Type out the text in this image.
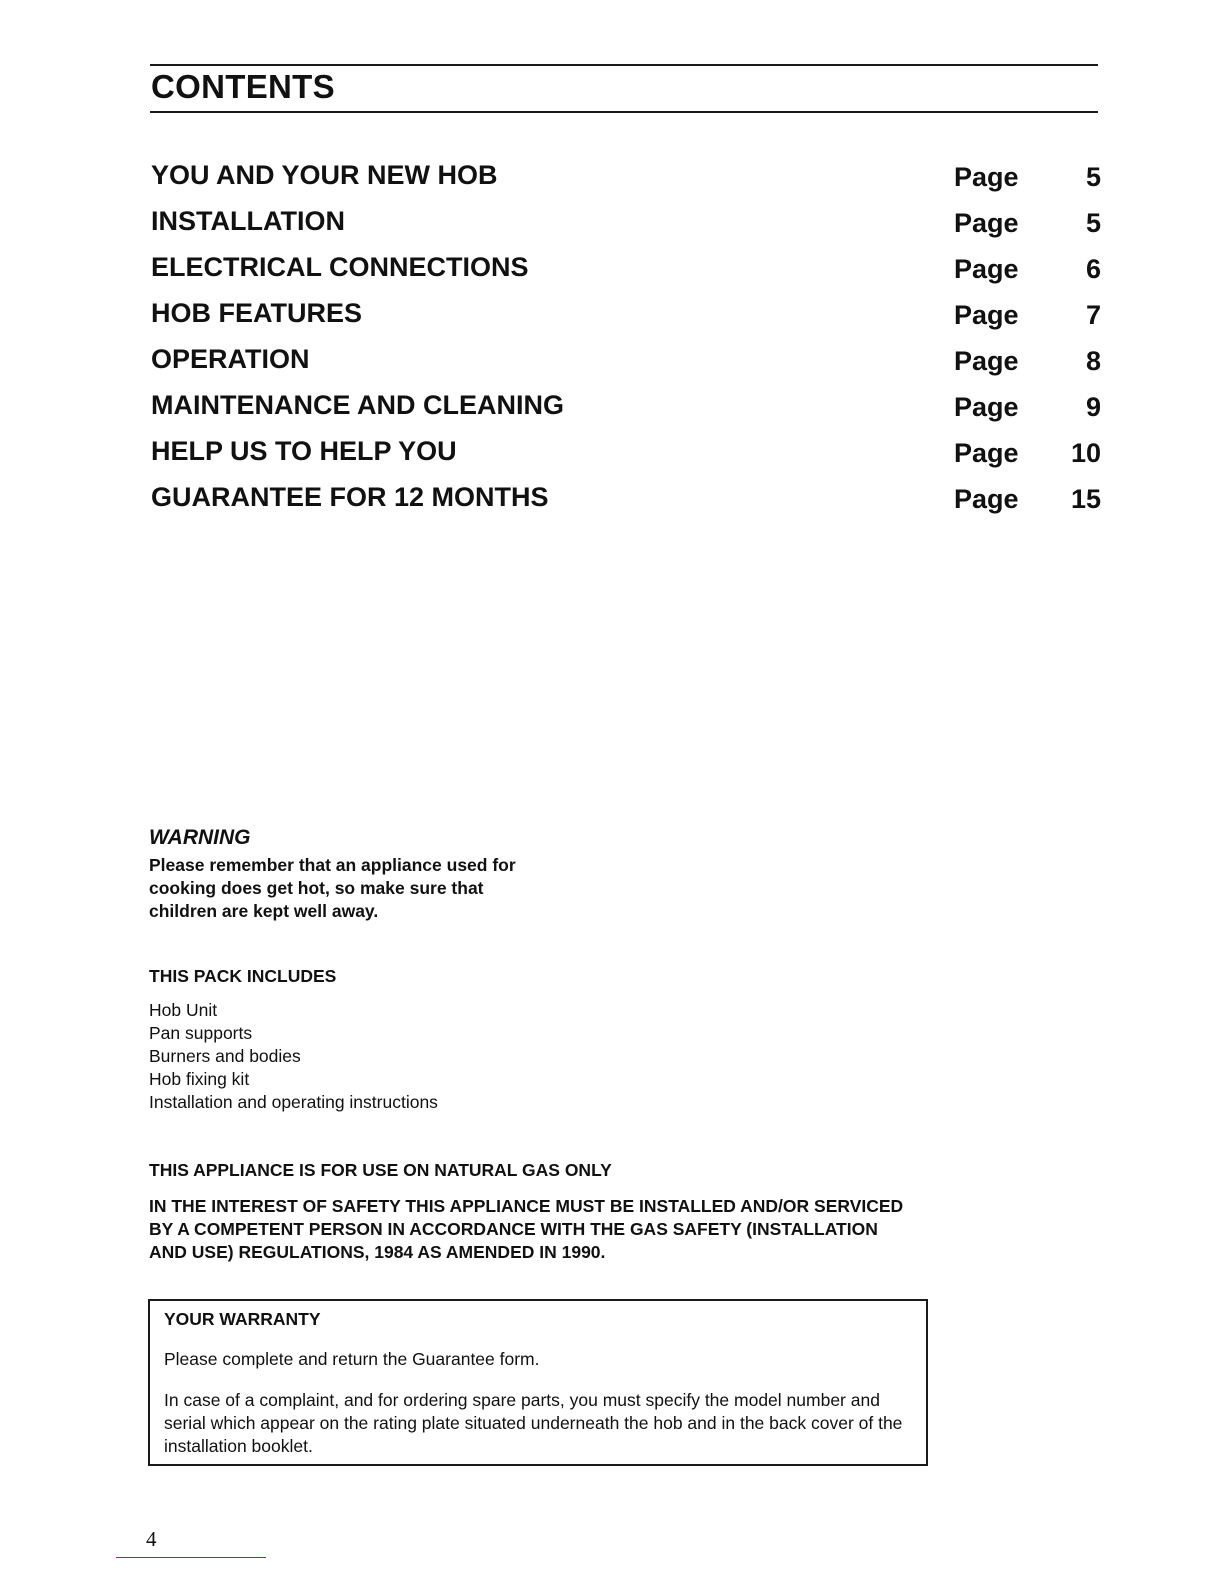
CONTENTS
YOU AND YOUR NEW HOB	Page 5
INSTALLATION	Page 5
ELECTRICAL CONNECTIONS	Page 6
HOB FEATURES	Page 7
OPERATION	Page 8
MAINTENANCE AND CLEANING	Page 9
HELP US TO HELP YOU	Page 10
GUARANTEE FOR 12 MONTHS	Page 15

WARNING

Please remember that an appliance used for cooking does get hot, so make sure that children are kept well away.

THIS PACK INCLUDES

Hob Unit
Pan supports
Burners and bodies
Hob fixing kit
Installation and operating instructions

THIS APPLIANCE IS FOR USE ON NATURAL GAS ONLY

IN THE INTEREST OF SAFETY THIS APPLIANCE MUST BE INSTALLED AND/OR SERVICED BY A COMPETENT PERSON IN ACCORDANCE WITH THE GAS SAFETY (INSTALLATION AND USE) REGULATIONS, 1984 AS AMENDED IN 1990.

YOUR WARRANTY

Please complete and return the Guarantee form.

In case of a complaint, and for ordering spare parts, you must specify the model number and serial which appear on the rating plate situated underneath the hob and in the back cover of the installation booklet.

4
